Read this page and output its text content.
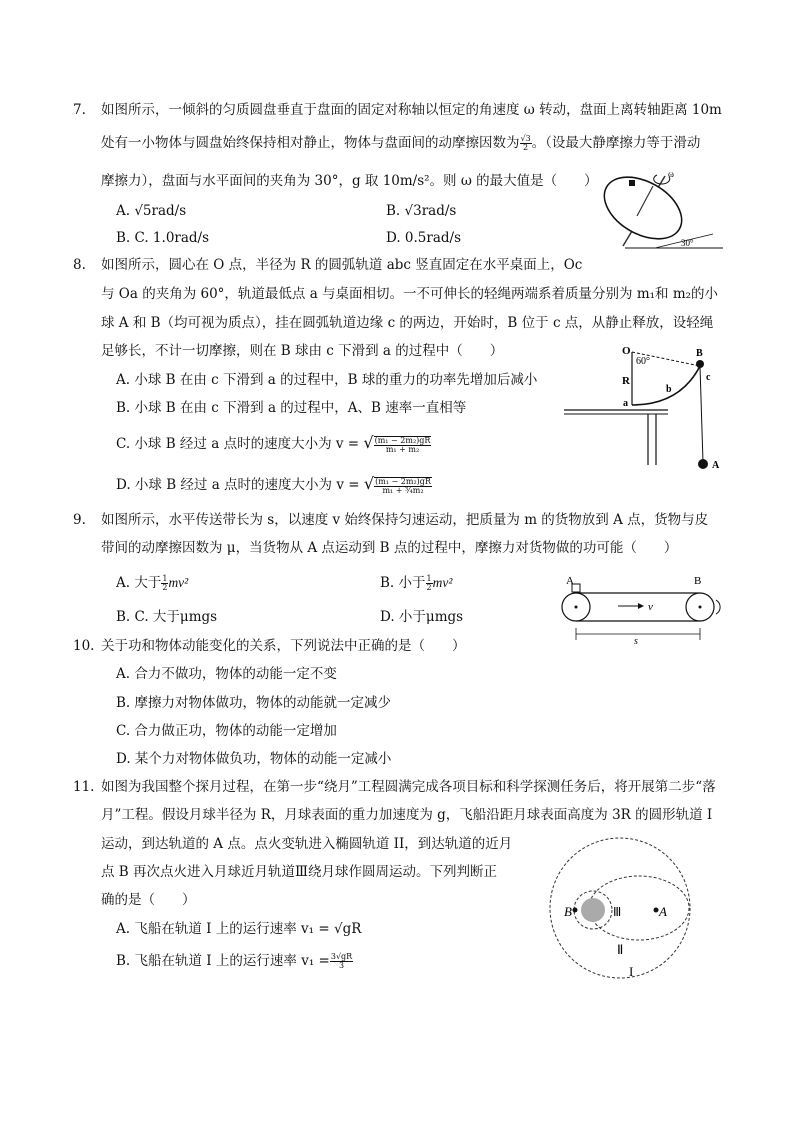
7. 如图所示，一倾斜的匀质圆盘垂直于盘面的固定对称轴以恒定的角速度 ω 转动，盘面上离转轴距离 10m
处有一小物体与圆盘始终保持相对静止，物体与盘面间的动摩擦因数为 $\frac{√3}{2}$ 。（设最大静摩擦力等于滑动
摩擦力），盘面与水平面间的夹角为 30°，g 取 10m/s²。则 ω 的最大值是（　　）
A. √5rad/s	B. √3rad/s
B. C. 1.0rad/s	D. 0.5rad/s
ω
30°
8. 如图所示，圆心在 O 点，半径为 R 的圆弧轨道 abc 竖直固定在水平桌面上，Oc
与 Oa 的夹角为 60°，轨道最低点 a 与桌面相切。一不可伸长的轻绳两端系着质量分别为 m₁和 m₂的小
球 A 和 B（均可视为质点），挂在圆弧轨道边缘 c 的两边，开始时，B 位于 c 点，从静止释放，设轻绳
足够长，不计一切摩擦，则在 B 球由 c 下滑到 a 的过程中（　　）
A. 小球 B 在由 c 下滑到 a 的过程中，B 球的重力的功率先增加后减小
B. 小球 B 在由 c 下滑到 a 的过程中，A、B 速率一直相等
C. 小球 B 经过 a 点时的速度大小为 v = √ $\frac{\text{(m₁ − 2m₂)gR}}{\text{m₁ + m₂}}$
D. 小球 B 经过 a 点时的速度大小为 v = √ $\frac{\text{(m₁ − 2m₂)gR}}{\text{m₁ + ³⁄₄m₂}}$
O
60°
R
a
b
B
c
A
9. 如图所示，水平传送带长为 s，以速度 v 始终保持匀速运动，把质量为 m 的货物放到 A 点，货物与皮
带间的动摩擦因数为 μ，当货物从 A 点运动到 B 点的过程中，摩擦力对货物做的功可能（　　）
A. 大于 $\frac{1}{2} mv^2$	B. 小于 $\frac{1}{2} mv^2$
B. C. 大于μmgs	D. 小于μmgs
v
s
A	B
10. 关于功和物体动能变化的关系，下列说法中正确的是（　　）
A. 合力不做功，物体的动能一定不变
B. 摩擦力对物体做功，物体的动能就一定减少
C. 合力做正功，物体的动能一定增加
D. 某个力对物体做负功，物体的动能一定减小
11. 如图为我国整个探月过程，在第一步“绕月”工程圆满完成各项目标和科学探测任务后，将开展第二步“落
月”工程。假设月球半径为 R，月球表面的重力加速度为 g，飞船沿距月球表面高度为 3R 的圆形轨道 I
运动，到达轨道的 A 点。点火变轨进入椭圆轨道 II，到达轨道的近月
点 B 再次点火进入月球近月轨道Ⅲ绕月球作圆周运动。下列判断正
确的是（　　）
A. 飞船在轨道 I 上的运行速率 v₁ = √gR
B. 飞船在轨道 I 上的运行速率 $v_1 = \frac{3√gR}{3}$
B	A
Ⅲ
Ⅱ
I
